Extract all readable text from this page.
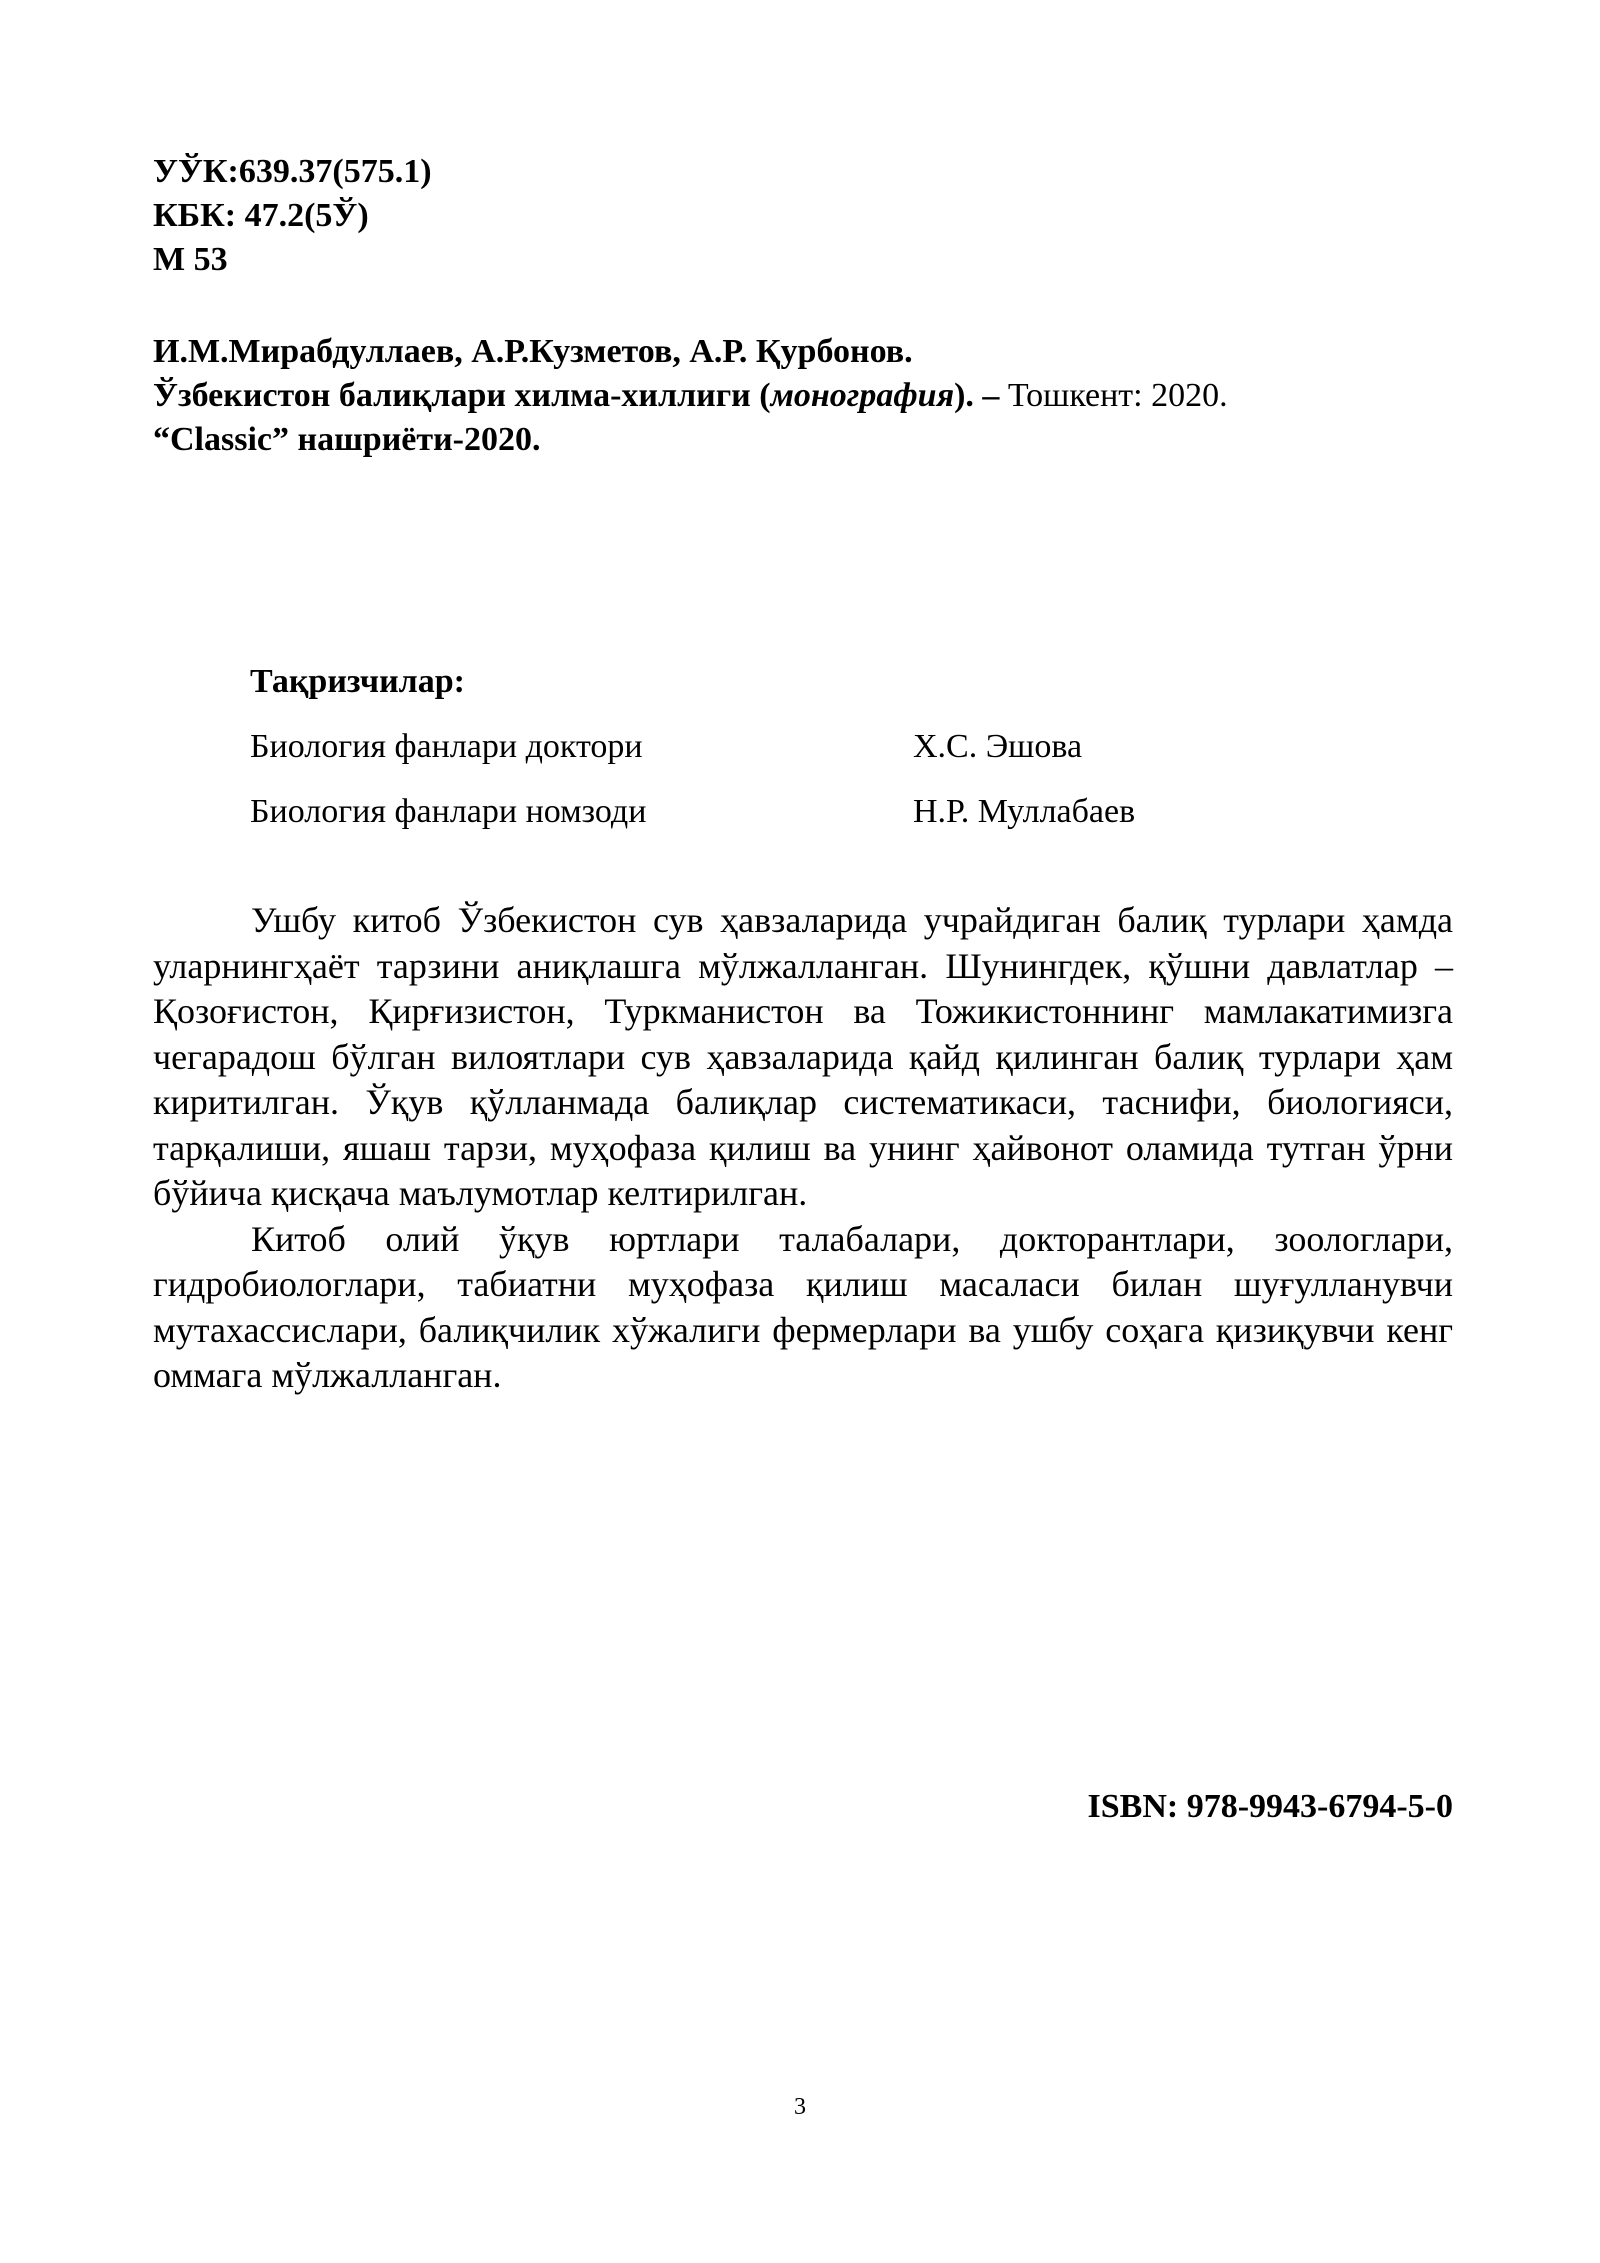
УЎК:639.37(575.1)
КБК: 47.2(5Ў)
М 53
И.М.Мирабдуллаев, А.Р.Кузметов, А.Р. Қурбонов.
Ўзбекистон балиқлари хилма-хиллиги (монография). – Тошкент: 2020.
“Classic” нашриёти-2020.
Тақризчилар:
Биология фанлари доктори	Х.С. Эшова
Биология фанлари номзоди	Н.Р. Муллабаев

Ушбу китоб Ўзбекистон сув ҳавзаларида учрайдиган балиқ турлари ҳамда уларнингҳаёт тарзини аниқлашга мўлжалланган. Шунингдек, қўшни давлатлар – Қозоғистон, Қирғизистон, Туркманистон ва Тожикистоннинг мамлакатимизга чегарадош бўлган вилоятлари сув ҳавзаларида қайд қилинган балиқ турлари ҳам киритилган. Ўқув қўлланмада балиқлар систематикаси, таснифи, биологияси, тарқалиши, яшаш тарзи, муҳофаза қилиш ва унинг ҳайвонот оламида тутган ўрни бўйича қисқача маълумотлар келтирилган.

Китоб олий ўқув юртлари талабалари, докторантлари, зоологлари, гидробиологлари, табиатни муҳофаза қилиш масаласи билан шуғулланувчи мутахассислари, балиқчилик хўжалиги фермерлари ва ушбу соҳага қизиқувчи кенг оммага мўлжалланган.

ISBN: 978-9943-6794-5-0
3
